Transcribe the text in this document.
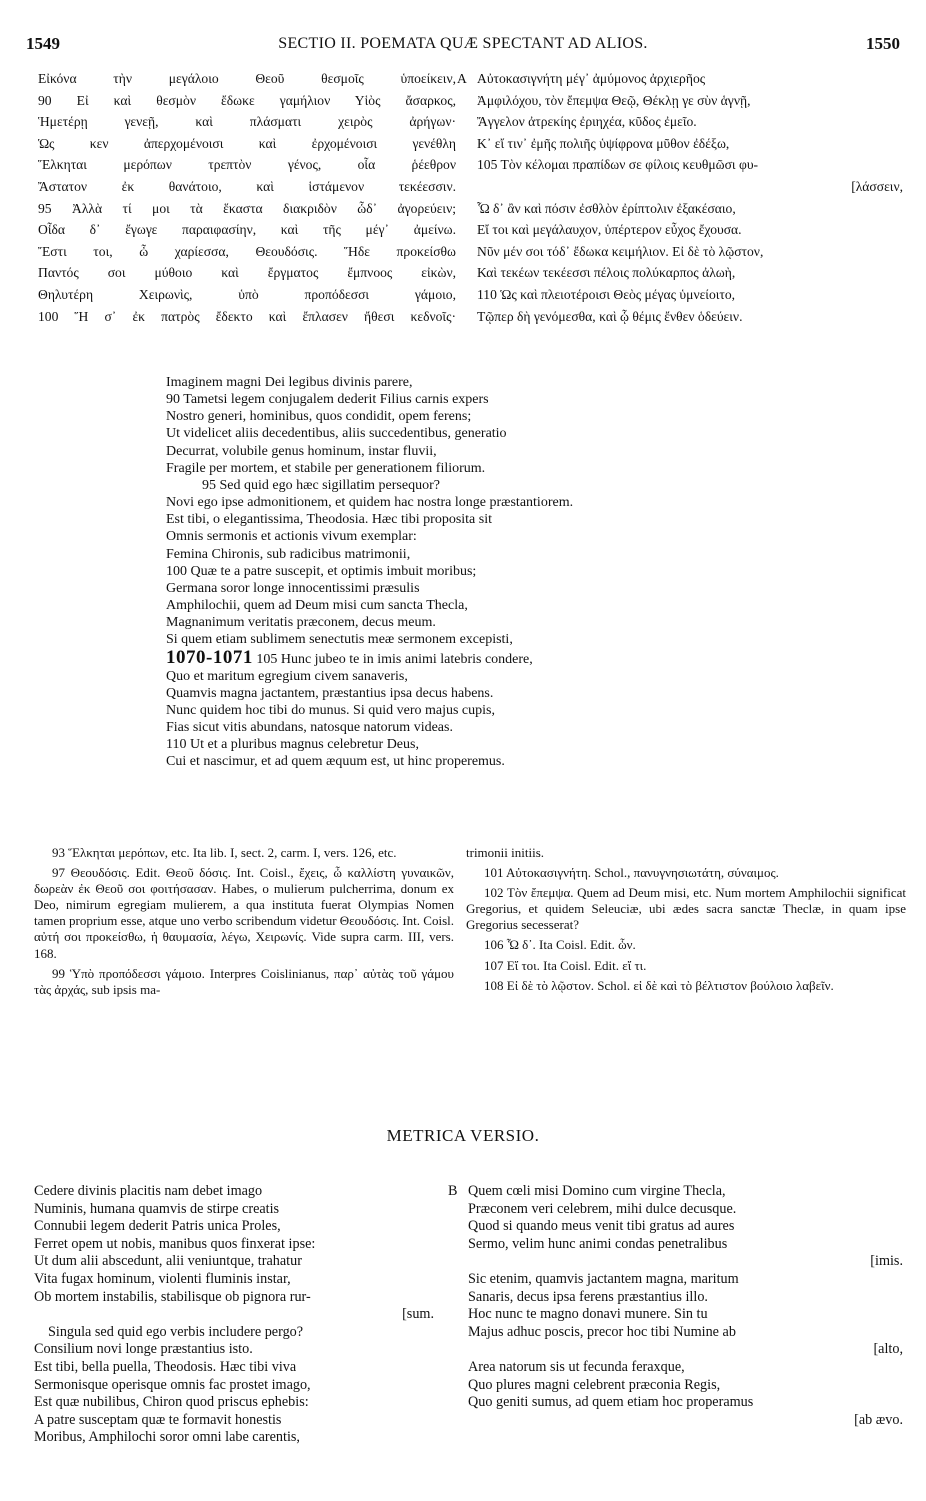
1549	SECTIO II. POEMATA QUÆ SPECTANT AD ALIOS.	1550
Εἰκόνα τὴν μεγάλοιο Θεοῦ θεσμοῖς ὑποείκειν,
90 Εἰ καὶ θεσμὸν ἔδωκε γαμήλιον Υἱὸς ἄσαρκος,
Ἡμετέρῃ γενεῇ, καὶ πλάσματι χειρὸς ἀρήγων·
Ὡς κεν ἀπερχομένοισι καὶ ἐρχομένοισι γενέθλη
Ἕλκηται μερόπων τρεπτὸν γένος, οἷα ῥέεθρον
Ἄστατον ἐκ θανάτοιο, καὶ ἱστάμενον τεκέεσσιν.
95 Ἀλλὰ τί μοι τὰ ἕκαστα διακριδὸν ὧδ᾽ ἀγορεύειν;
Οἶδα δ᾽ ἔγωγε παραιφασίην, καὶ τῆς μέγ᾽ ἀμείνω.
Ἔστι τοι, ὦ χαρίεσσα, Θεουδόσις. Ἥδε προκείσθω
Παντός σοι μύθοιο καὶ ἔργματος ἔμπνοος εἰκὼν,
Θηλυτέρη Χειρωνὶς, ὑπὸ προπόδεσσι γάμοιο,
100 Ἥ σ᾽ ἐκ πατρὸς ἔδεκτο καὶ ἔπλασεν ἤθεσι κεδνοῖς·
A Αὐτοκασιγνήτη μέγ᾽ ἀμύμονος ἀρχιερῆος
Ἀμφιλόχου, τὸν ἔπεμψα Θεῷ, Θέκλῃ γε σὺν ἁγνῇ,
Ἄγγελον ἀτρεκίης ἐριηχέα, κῦδος ἐμεῖο.
Κ᾽ εἴ τιν᾽ ἐμῆς πολιῆς ὑψίφρονα μῦθον ἐδέξω,
105 Τὸν κέλομαι πραπίδων σε φίλοις κευθμῶσι φυ-
[λάσσειν,
Ὧ δ᾽ ἂν καὶ πόσιν ἐσθλὸν ἐρίπτολιν ἐξακέσαιο,
Εἴ τοι καὶ μεγάλαυχον, ὑπέρτερον εὖχος ἔχουσα.
Νῦν μέν σοι τόδ᾽ ἔδωκα κειμήλιον. Εἰ δὲ τὸ λῷστον,
Καὶ τεκέων τεκέεσσι πέλοις πολύκαρπος ἀλωὴ,
110 Ὡς καὶ πλειοτέροισι Θεὸς μέγας ὑμνείοιτο,
Τῷπερ δὴ γενόμεσθα, καὶ ᾧ θέμις ἔνθεν ὁδεύειν.
Imaginem magni Dei legibus divinis parere,
90 Tametsi legem conjugalem dederit Filius carnis expers
Nostro generi, hominibus, quos condidit, opem ferens;
Ut videlicet aliis decedentibus, aliis succedentibus, generatio
Decurrat, volubile genus hominum, instar fluvii,
Fragile per mortem, et stabile per generationem filiorum.
95 Sed quid ego hæc sigillatim persequor?
Novi ego ipse admonitionem, et quidem hac nostra longe præstantiorem.
Est tibi, o elegantissima, Theodosia. Hæc tibi proposita sit
Omnis sermonis et actionis vivum exemplar:
Femina Chironis, sub radicibus matrimonii,
100 Quæ te a patre suscepit, et optimis imbuit moribus;
Germana soror longe innocentissimi præsulis
Amphilochii, quem ad Deum misi cum sancta Thecla,
Magnanimum veritatis præconem, decus meum.
Si quem etiam sublimem senectutis meæ sermonem excepisti,
1070-1071 105 Hunc jubeo te in imis animi latebris condere,
Quo et maritum egregium civem sanaveris,
Quamvis magna jactantem, præstantius ipsa decus habens.
Nunc quidem hoc tibi do munus. Si quid vero majus cupis,
Fias sicut vitis abundans, natosque natorum videas.
110 Ut et a pluribus magnus celebretur Deus,
Cui et nascimur, et ad quem æquum est, ut hinc properemus.

93 Ἕλκηται μερόπων, etc. Ita lib. I, sect. 2, carm. I, vers. 126, etc.

97 Θεουδόσις. Edit. Θεοῦ δόσις. Int. Coisl., ἔχεις, ὦ καλλίστη γυναικῶν, δωρεὰν ἐκ Θεοῦ σοι φοιτήσασαν. Habes, o mulierum pulcherrima, donum ex Deo, nimirum egregiam mulierem, a qua instituta fuerat Olympias Nomen tamen proprium esse, atque uno verbo scribendum videtur Θεουδόσις. Int. Coisl. αὐτή σοι προκείσθω, ἡ θαυμασία, λέγω, Χειρωνίς. Vide supra carm. III, vers. 168.

99 Ὑπὸ προπόδεσσι γάμοιο. Interpres Coislinianus, παρ᾽ αὐτὰς τοῦ γάμου τὰς ἀρχάς, sub ipsis ma-

trimonii initiis.

101 Αὐτοκασιγνήτη. Schol., πανυγνησιωτάτη, σύναιμος.

102 Τὸν ἔπεμψα. Quem ad Deum misi, etc. Num mortem Amphilochii significat Gregorius, et quidem Seleuciæ, ubi ædes sacra sanctæ Theclæ, in quam ipse Gregorius secesserat?

106 Ὧ δ᾽. Ita Coisl. Edit. ὧν.

107 Εἴ τοι. Ita Coisl. Edit. εἴ τι.

108 Εἰ δὲ τὸ λῷστον. Schol. εἰ δὲ καὶ τὸ βέλτιστον βούλοιο λαβεῖν.

METRICA VERSIO.
Cedere divinis placitis nam debet imago
Numinis, humana quamvis de stirpe creatis
Connubii legem dederit Patris unica Proles,
Ferret opem ut nobis, manibus quos finxerat ipse:
Ut dum alii abscedunt, alii veniuntque, trahatur
Vita fugax hominum, violenti fluminis instar,
Ob mortem instabilis, stabilisque ob pignora rur-
[sum.
Singula sed quid ego verbis includere pergo?
Consilium novi longe præstantius isto.
Est tibi, bella puella, Theodosis. Hæc tibi viva
Sermonisque operisque omnis fac prostet imago,
Est quæ nubilibus, Chiron quod priscus ephebis:
A patre susceptam quæ te formavit honestis
Moribus, Amphilochi soror omni labe carentis,
B Quem cœli misi Domino cum virgine Thecla,
Præconem veri celebrem, mihi dulce decusque.
Quod si quando meus venit tibi gratus ad aures
Sermo, velim hunc animi condas penetralibus
[imis.
Sic etenim, quamvis jactantem magna, maritum
Sanaris, decus ipsa ferens præstantius illo.
Hoc nunc te magno donavi munere. Sin tu
Majus adhuc poscis, precor hoc tibi Numine ab
[alto,
Area natorum sis ut fecunda feraxque,
Quo plures magni celebrent præconia Regis,
Quo geniti sumus, ad quem etiam hoc properamus
[ab ævo.
